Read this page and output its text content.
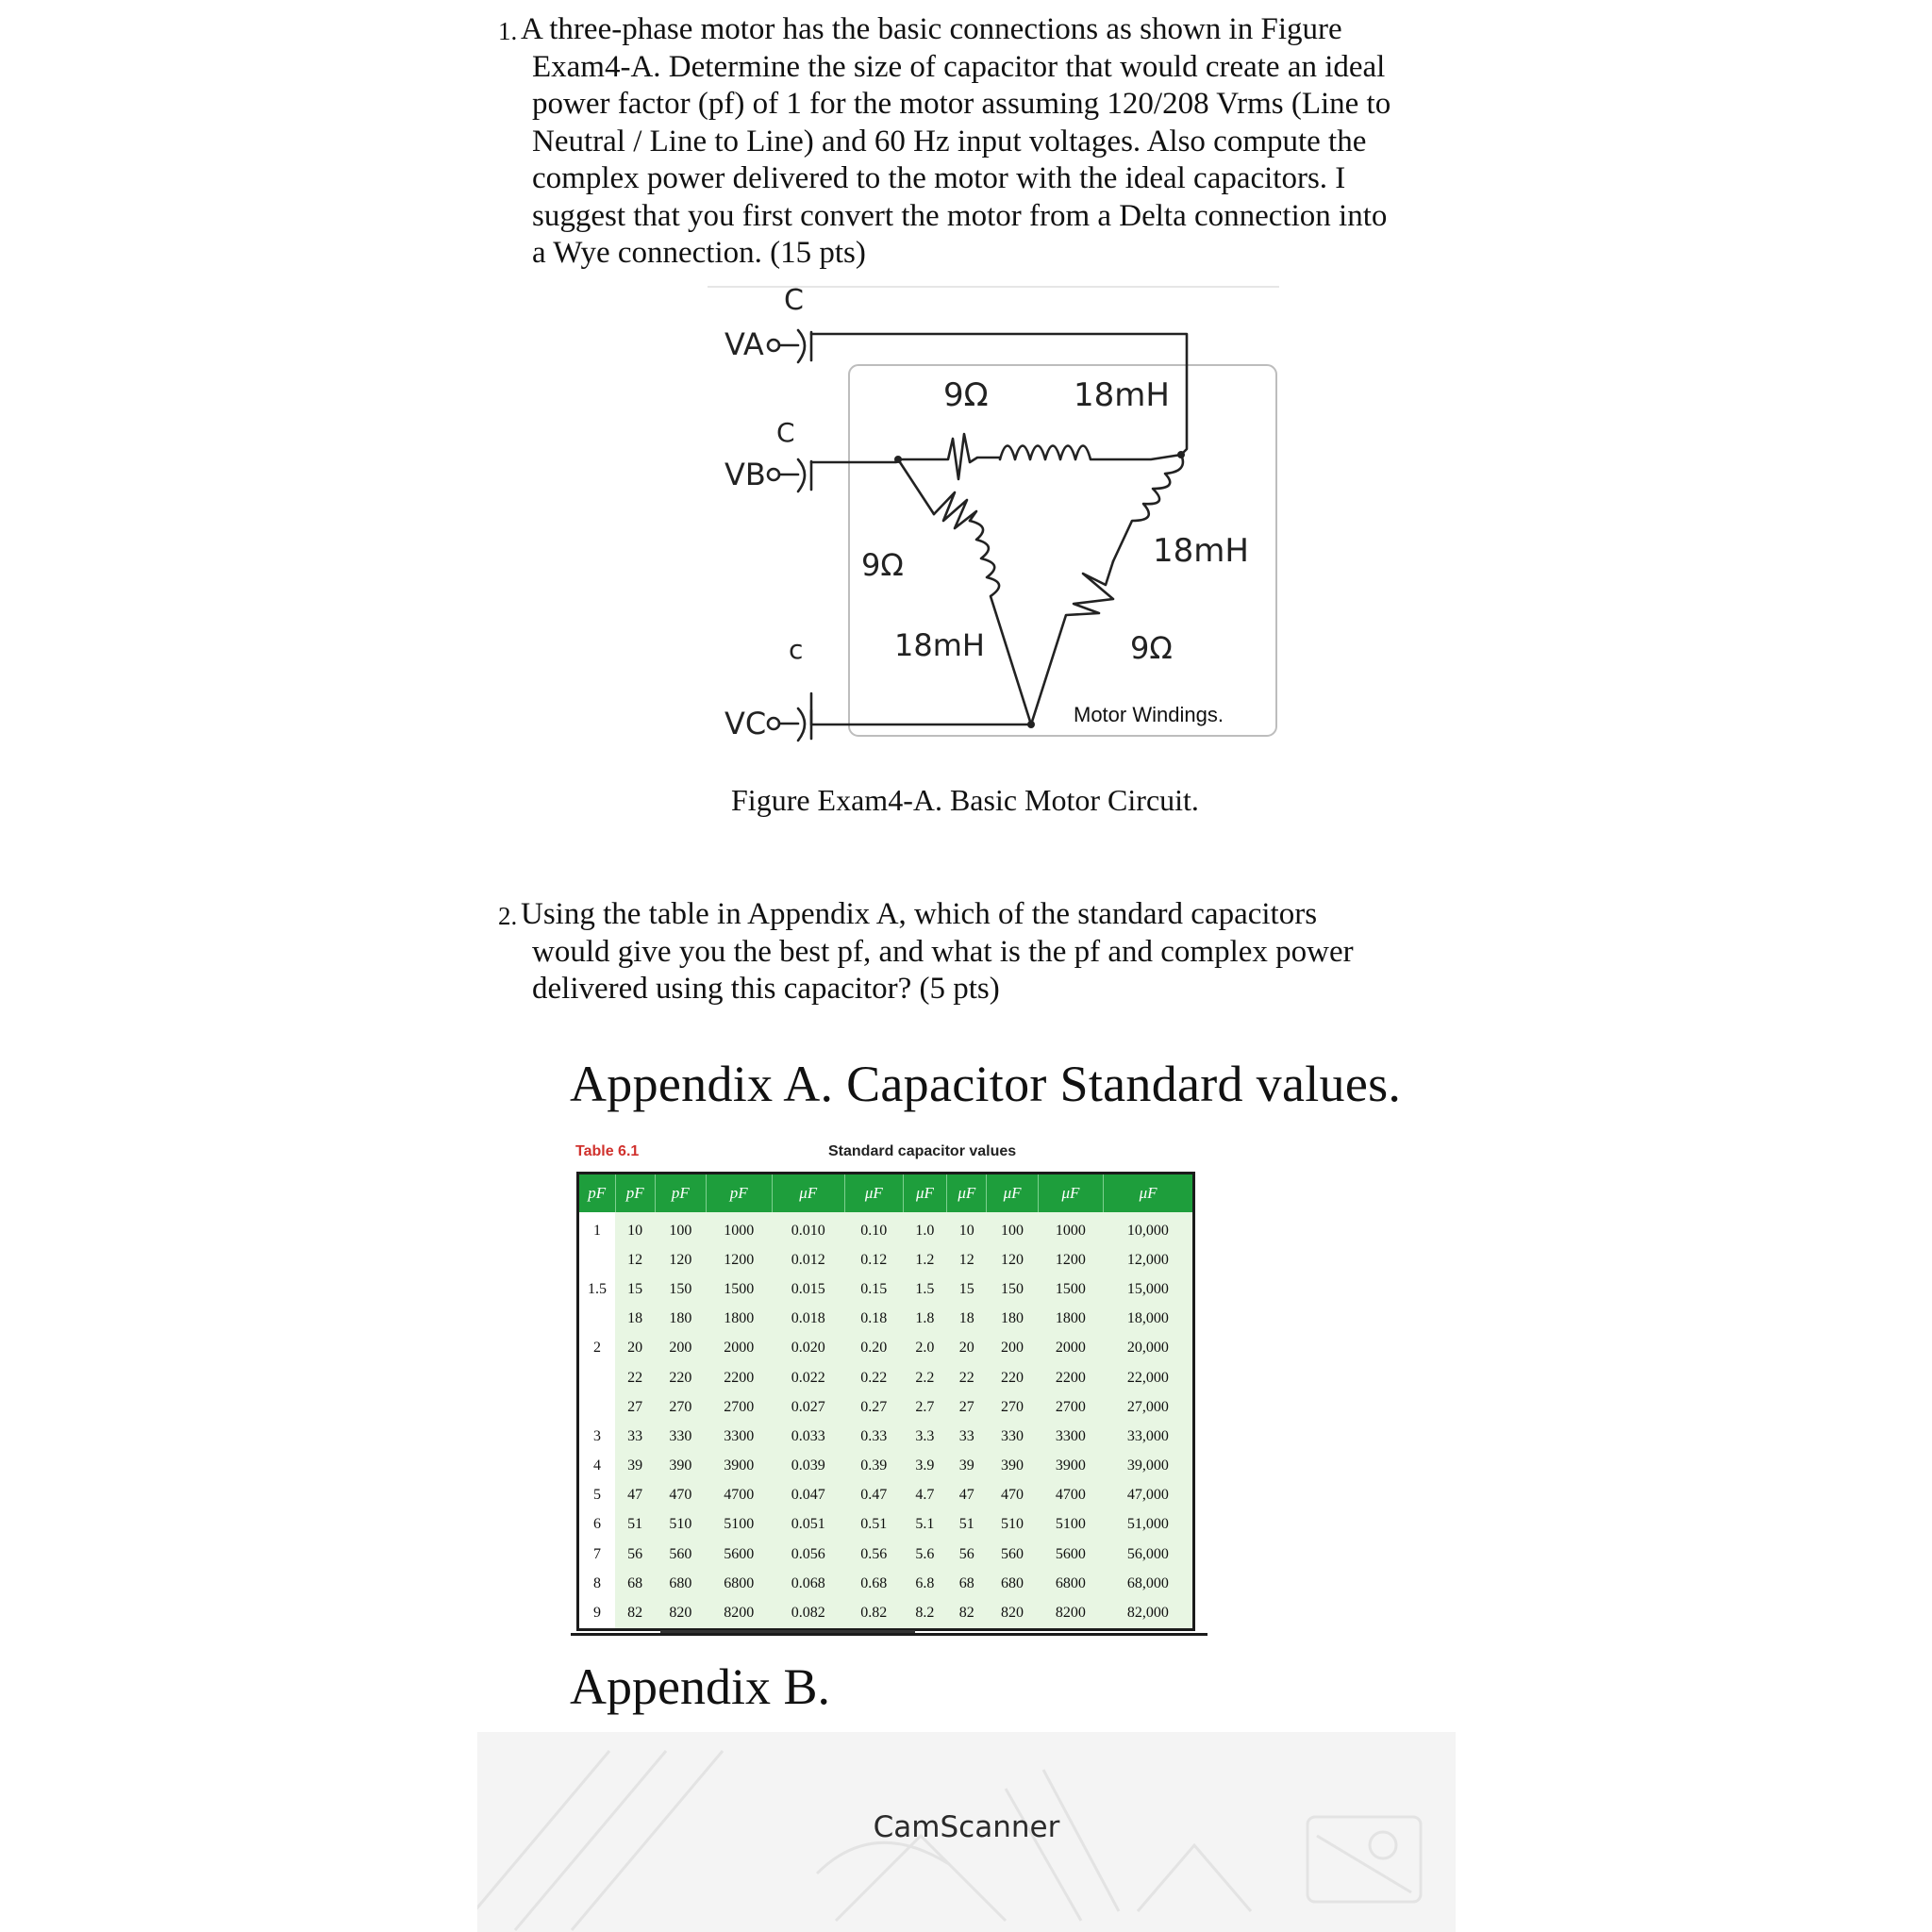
1. A three-phase motor has the basic connections as shown in Figure
Exam4-A. Determine the size of capacitor that would create an ideal
power factor (pf) of 1 for the motor assuming 120/208 Vrms (Line to
Neutral / Line to Line) and 60 Hz input voltages. Also compute the
complex power delivered to the motor with the ideal capacitors. I
suggest that you first convert the motor from a Delta connection into
a Wye connection. (15 pts)
VA
C
VB
C
VC
c
9Ω	18mH
9Ω
18mH
18mH
9Ω
Motor Windings.
Figure Exam4-A. Basic Motor Circuit.
2. Using the table in Appendix A, which of the standard capacitors
would give you the best pf, and what is the pf and complex power
delivered using this capacitor? (5 pts)
Appendix A. Capacitor Standard values.
Table 6.1	Standard capacitor values
pF	pF	pF	pF	μF	μF	μF	μF	μF	μF	μF
1	10	100	1000	0.010	0.10	1.0	10	100	1000	10,000
	12	120	1200	0.012	0.12	1.2	12	120	1200	12,000
1.5	15	150	1500	0.015	0.15	1.5	15	150	1500	15,000
	18	180	1800	0.018	0.18	1.8	18	180	1800	18,000
2	20	200	2000	0.020	0.20	2.0	20	200	2000	20,000
	22	220	2200	0.022	0.22	2.2	22	220	2200	22,000
	27	270	2700	0.027	0.27	2.7	27	270	2700	27,000
3	33	330	3300	0.033	0.33	3.3	33	330	3300	33,000
4	39	390	3900	0.039	0.39	3.9	39	390	3900	39,000
5	47	470	4700	0.047	0.47	4.7	47	470	4700	47,000
6	51	510	5100	0.051	0.51	5.1	51	510	5100	51,000
7	56	560	5600	0.056	0.56	5.6	56	560	5600	56,000
8	68	680	6800	0.068	0.68	6.8	68	680	6800	68,000
9	82	820	8200	0.082	0.82	8.2	82	820	8200	82,000
Appendix B.
CamScanner
